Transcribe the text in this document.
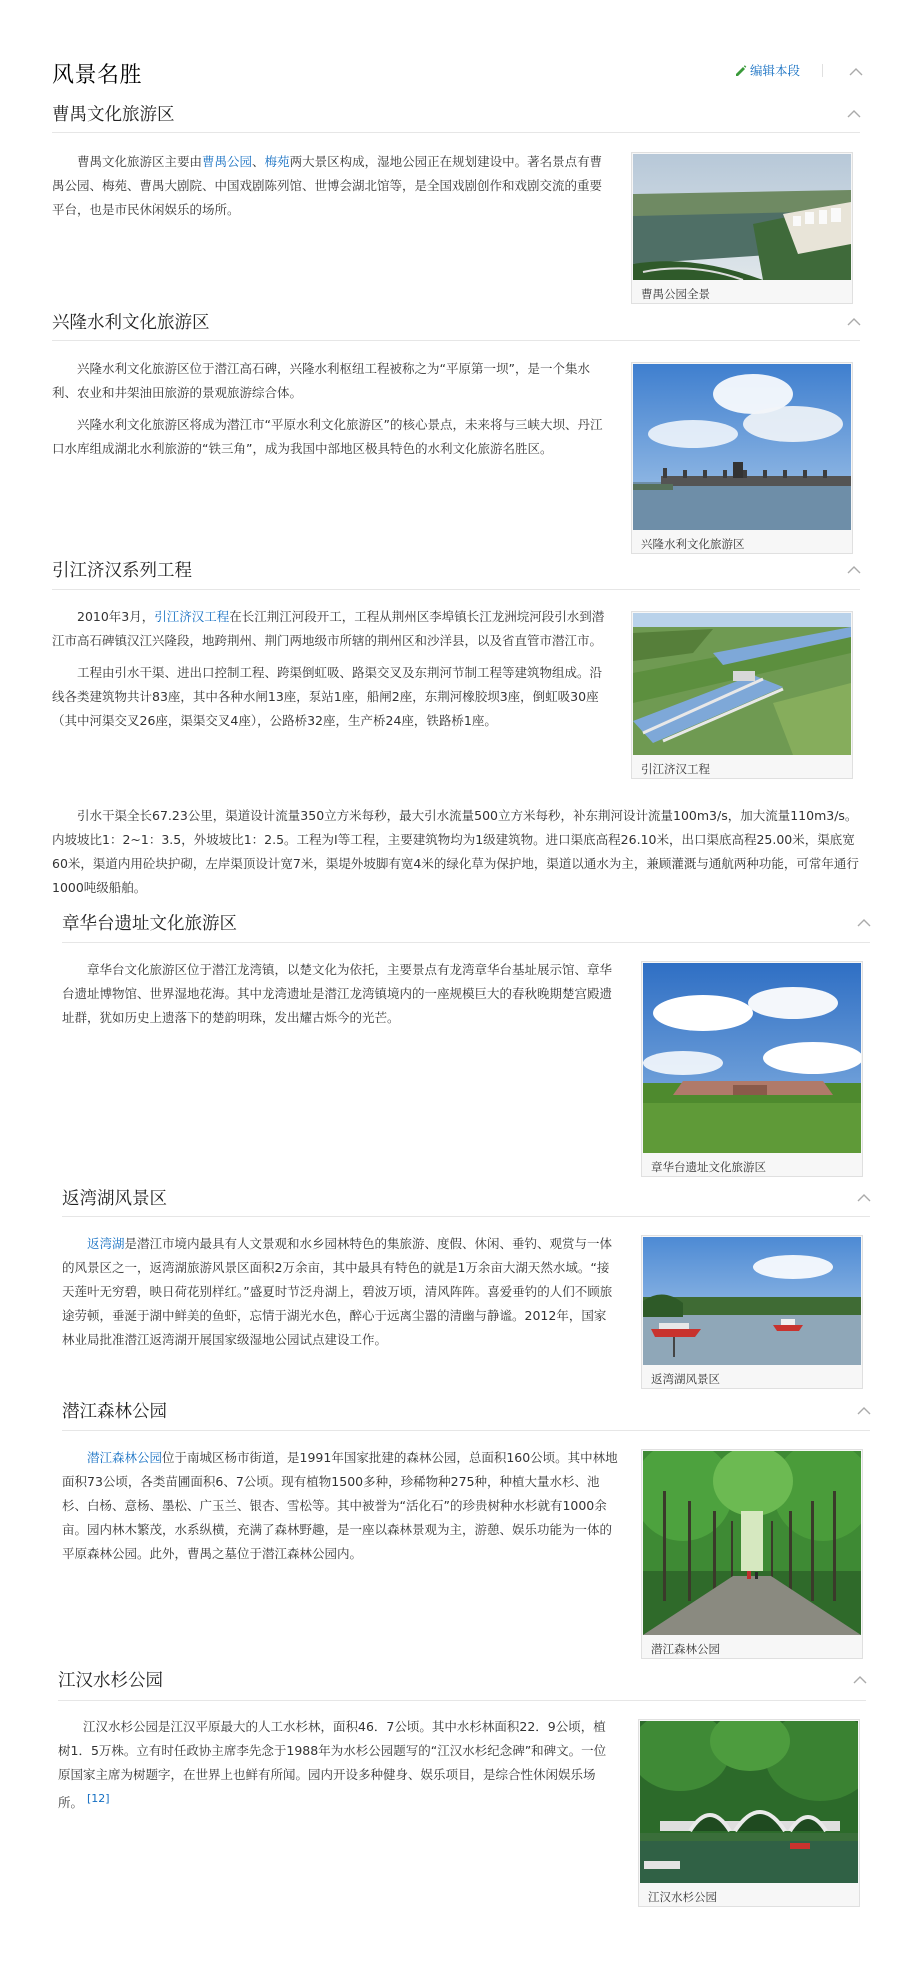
风景名胜	编辑本段
曹禺文化旅游区

曹禺文化旅游区主要由曹禺公园、梅苑两大景区构成，湿地公园正在规划建设中。著名景点有曹禺公园、梅苑、曹禺大剧院、中国戏剧陈列馆、世博会湖北馆等，是全国戏剧创作和戏剧交流的重要平台，也是市民休闲娱乐的场所。

曹禺公园全景
兴隆水利文化旅游区

兴隆水利文化旅游区位于潜江高石碑，兴隆水利枢纽工程被称之为“平原第一坝”，是一个集水利、农业和井架油田旅游的景观旅游综合体。

兴隆水利文化旅游区将成为潜江市“平原水利文化旅游区”的核心景点，未来将与三峡大坝、丹江口水库组成湖北水利旅游的“铁三角”，成为我国中部地区极具特色的水利文化旅游名胜区。

兴隆水利文化旅游区
引江济汉系列工程

2010年3月，引江济汉工程在长江荆江河段开工，工程从荆州区李埠镇长江龙洲垸河段引水到潜江市高石碑镇汉江兴隆段，地跨荆州、荆门两地级市所辖的荆州区和沙洋县，以及省直管市潜江市。

工程由引水干渠、进出口控制工程、跨渠倒虹吸、路渠交叉及东荆河节制工程等建筑物组成。沿线各类建筑物共计83座，其中各种水闸13座，泵站1座，船闸2座，东荆河橡胶坝3座，倒虹吸30座（其中河渠交叉26座，渠渠交叉4座），公路桥32座，生产桥24座，铁路桥1座。

引江济汉工程

引水干渠全长67.23公里，渠道设计流量350立方米每秒，最大引水流量500立方米每秒，补东荆河设计流量100m3/s，加大流量110m3/s。内坡坡比1：2~1：3.5，外坡坡比1：2.5。工程为Ⅰ等工程，主要建筑物均为1级建筑物。进口渠底高程26.10米，出口渠底高程25.00米，渠底宽60米，渠道内用砼块护砌，左岸渠顶设计宽7米，渠堤外坡脚有宽4米的绿化草为保护地，渠道以通水为主，兼顾灌溉与通航两种功能，可常年通行1000吨级船舶。

章华台遗址文化旅游区

章华台文化旅游区位于潜江龙湾镇，以楚文化为依托，主要景点有龙湾章华台基址展示馆、章华台遗址博物馆、世界湿地花海。其中龙湾遗址是潜江龙湾镇境内的一座规模巨大的春秋晚期楚宫殿遗址群，犹如历史上遗落下的楚韵明珠，发出耀古烁今的光芒。

章华台遗址文化旅游区
返湾湖风景区

返湾湖是潜江市境内最具有人文景观和水乡园林特色的集旅游、度假、休闲、垂钓、观赏与一体的风景区之一，返湾湖旅游风景区面积2万余亩，其中最具有特色的就是1万余亩大湖天然水域。“接天莲叶无穷碧，映日荷花别样红。”盛夏时节泛舟湖上，碧波万顷，清风阵阵。喜爱垂钓的人们不顾旅途劳顿，垂涎于湖中鲜美的鱼虾，忘情于湖光水色，醉心于远离尘嚣的清幽与静谧。2012年，国家林业局批准潜江返湾湖开展国家级湿地公园试点建设工作。

返湾湖风景区
潜江森林公园

潜江森林公园位于南城区杨市街道，是1991年国家批建的森林公园，总面积160公顷。其中林地面积73公顷，各类苗圃面积6、7公顷。现有植物1500多种，珍稀物种275种，种植大量水杉、池杉、白杨、意杨、墨松、广玉兰、银杏、雪松等。其中被誉为“活化石”的珍贵树种水杉就有1000余亩。园内林木繁茂，水系纵横，充满了森林野趣，是一座以森林景观为主，游憩、娱乐功能为一体的平原森林公园。此外，曹禺之墓位于潜江森林公园内。

潜江森林公园
江汉水杉公园

江汉水杉公园是江汉平原最大的人工水杉林，面积46．7公顷。其中水杉林面积22．9公顷，植树1．5万株。立有时任政协主席李先念于1988年为水杉公园题写的“江汉水杉纪念碑”和碑文。一位原国家主席为树题字，在世界上也鲜有所闻。园内开设多种健身、娱乐项目，是综合性休闲娱乐场所。 [12]

江汉水杉公园
